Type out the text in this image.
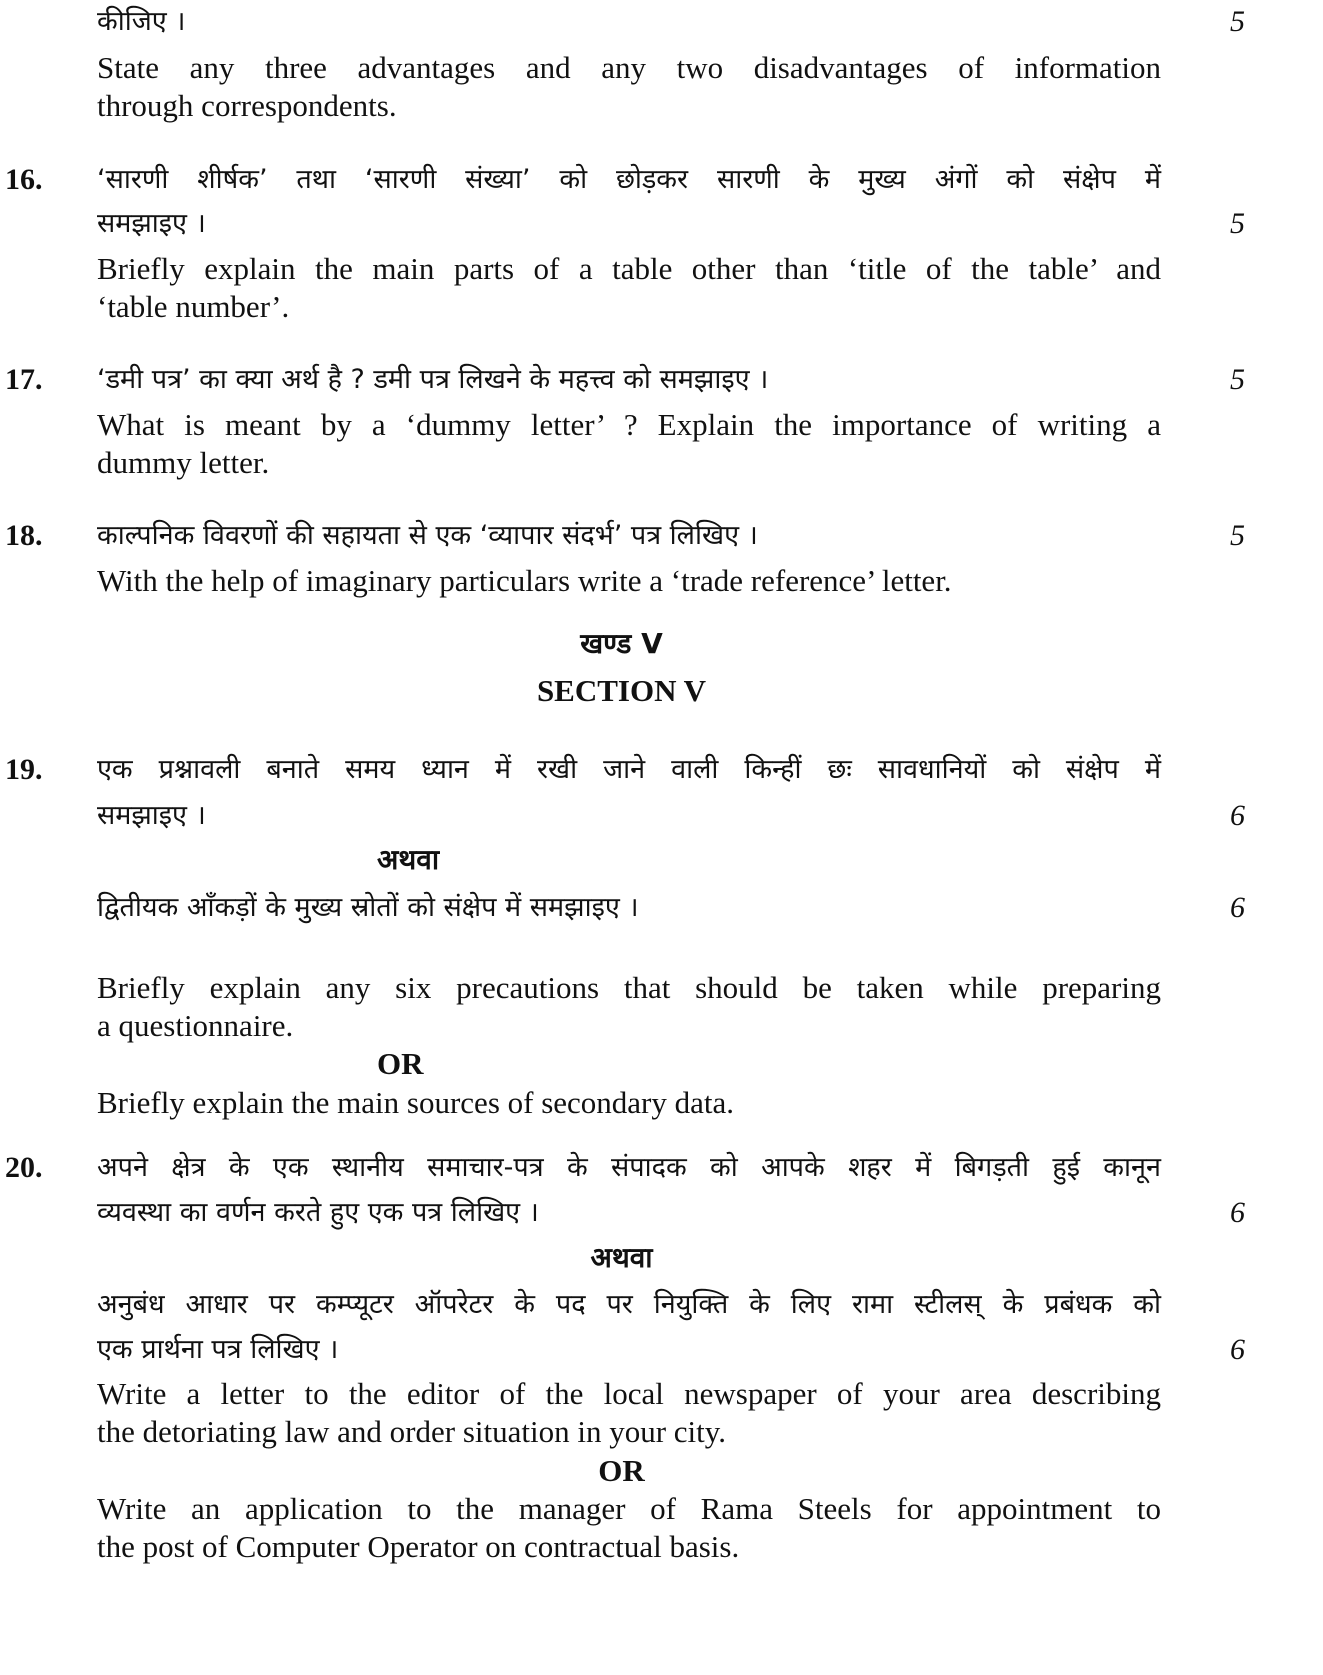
कीजिए ।	5
State any three advantages and any two disadvantages of information
through correspondents.
16. ‘सारणी शीर्षक’ तथा ‘सारणी संख्या’ को छोड़कर सारणी के मुख्य अंगों को संक्षेप में
समझाइए ।	5
Briefly explain the main parts of a table other than ‘title of the table’ and
‘table number’.
17. ‘डमी पत्र’ का क्या अर्थ है ? डमी पत्र लिखने के महत्त्व को समझाइए ।	5
What is meant by a ‘dummy letter’ ? Explain the importance of writing a
dummy letter.
18. काल्पनिक विवरणों की सहायता से एक ‘व्यापार संदर्भ’ पत्र लिखिए ।	5
With the help of imaginary particulars write a ‘trade reference’ letter.
खण्ड V
SECTION V
19. एक प्रश्नावली बनाते समय ध्यान में रखी जाने वाली किन्हीं छः सावधानियों को संक्षेप में
समझाइए ।	6
अथवा
द्वितीयक आँकड़ों के मुख्य स्रोतों को संक्षेप में समझाइए ।	6
Briefly explain any six precautions that should be taken while preparing
a questionnaire.
OR
Briefly explain the main sources of secondary data.
20. अपने क्षेत्र के एक स्थानीय समाचार-पत्र के संपादक को आपके शहर में बिगड़ती हुई कानून
व्यवस्था का वर्णन करते हुए एक पत्र लिखिए ।	6
अथवा
अनुबंध आधार पर कम्प्यूटर ऑपरेटर के पद पर नियुक्ति के लिए रामा स्टीलस् के प्रबंधक को
एक प्रार्थना पत्र लिखिए ।	6
Write a letter to the editor of the local newspaper of your area describing
the detoriating law and order situation in your city.
OR
Write an application to the manager of Rama Steels for appointment to
the post of Computer Operator on contractual basis.
